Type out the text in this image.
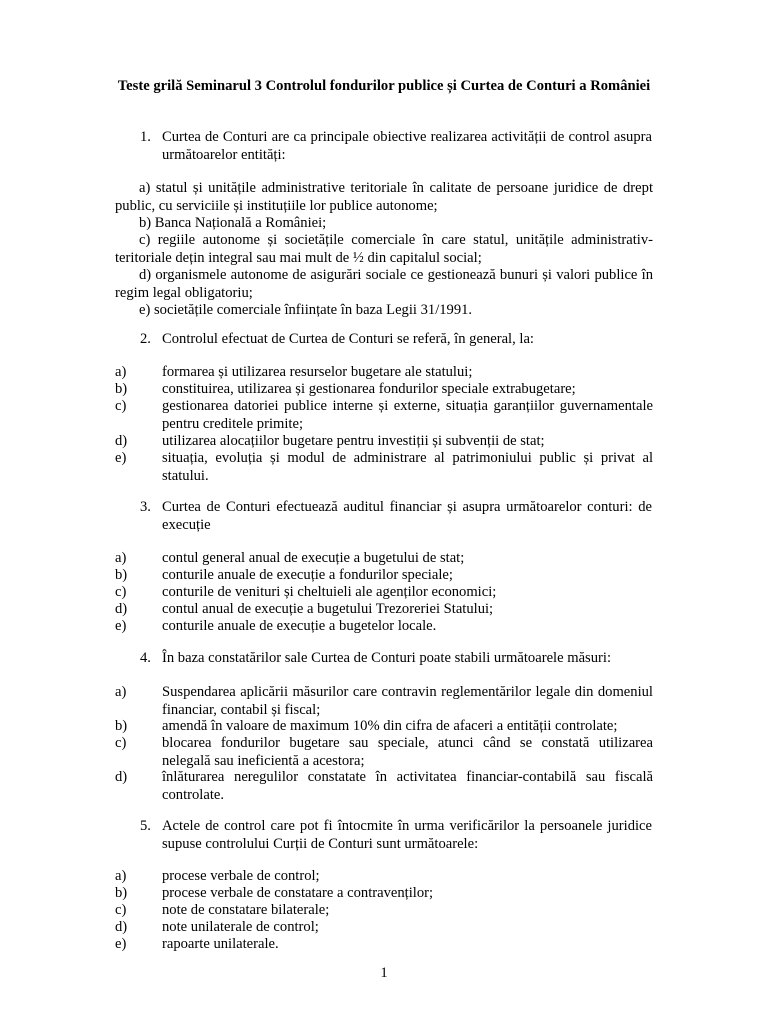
Teste grilă Seminarul 3 Controlul fondurilor publice și Curtea de Conturi a României
1. Curtea de Conturi are ca principale obiective realizarea activității de control asupra următoarelor entități:
a) statul și unitățile administrative teritoriale în calitate de persoane juridice de drept public, cu serviciile și instituțiile lor publice autonome;
b) Banca Națională a României;
c) regiile autonome și societățile comerciale în care statul, unitățile administrativ-teritoriale dețin integral sau mai mult de ½ din capitalul social;
d) organismele autonome de asigurări sociale ce gestionează bunuri și valori publice în regim legal obligatoriu;
e) societățile comerciale înființate în baza Legii 31/1991.
2. Controlul efectuat de Curtea de Conturi se referă, în general, la:
a) formarea și utilizarea resurselor bugetare ale statului;
b) constituirea, utilizarea și gestionarea fondurilor speciale extrabugetare;
c) gestionarea datoriei publice interne și externe, situația garanțiilor guvernamentale pentru creditele primite;
d) utilizarea alocațiilor bugetare pentru investiții și subvenții de stat;
e) situația, evoluția și modul de administrare al patrimoniului public și privat al statului.
3. Curtea de Conturi efectuează auditul financiar și asupra următoarelor conturi: de execuție
a) contul general anual de execuție a bugetului de stat;
b) conturile anuale de execuție a fondurilor speciale;
c) conturile de venituri și cheltuieli ale agenților economici;
d) contul anual de execuție a bugetului Trezoreriei Statului;
e) conturile anuale de execuție a bugetelor locale.
4. În baza constatărilor sale Curtea de Conturi poate stabili următoarele măsuri:
a) Suspendarea aplicării măsurilor care contravin reglementărilor legale din domeniul financiar, contabil și fiscal;
b) amendă în valoare de maximum 10% din cifra de afaceri a entității controlate;
c) blocarea fondurilor bugetare sau speciale, atunci când se constată utilizarea nelegală sau ineficientă a acestora;
d) înlăturarea neregulilor constatate în activitatea financiar-contabilă sau fiscală controlate.
5. Actele de control care pot fi întocmite în urma verificărilor la persoanele juridice supuse controlului Curții de Conturi sunt următoarele:
a) procese verbale de control;
b) procese verbale de constatare a contravenților;
c) note de constatare bilaterale;
d) note unilaterale de control;
e) rapoarte unilaterale.
1
